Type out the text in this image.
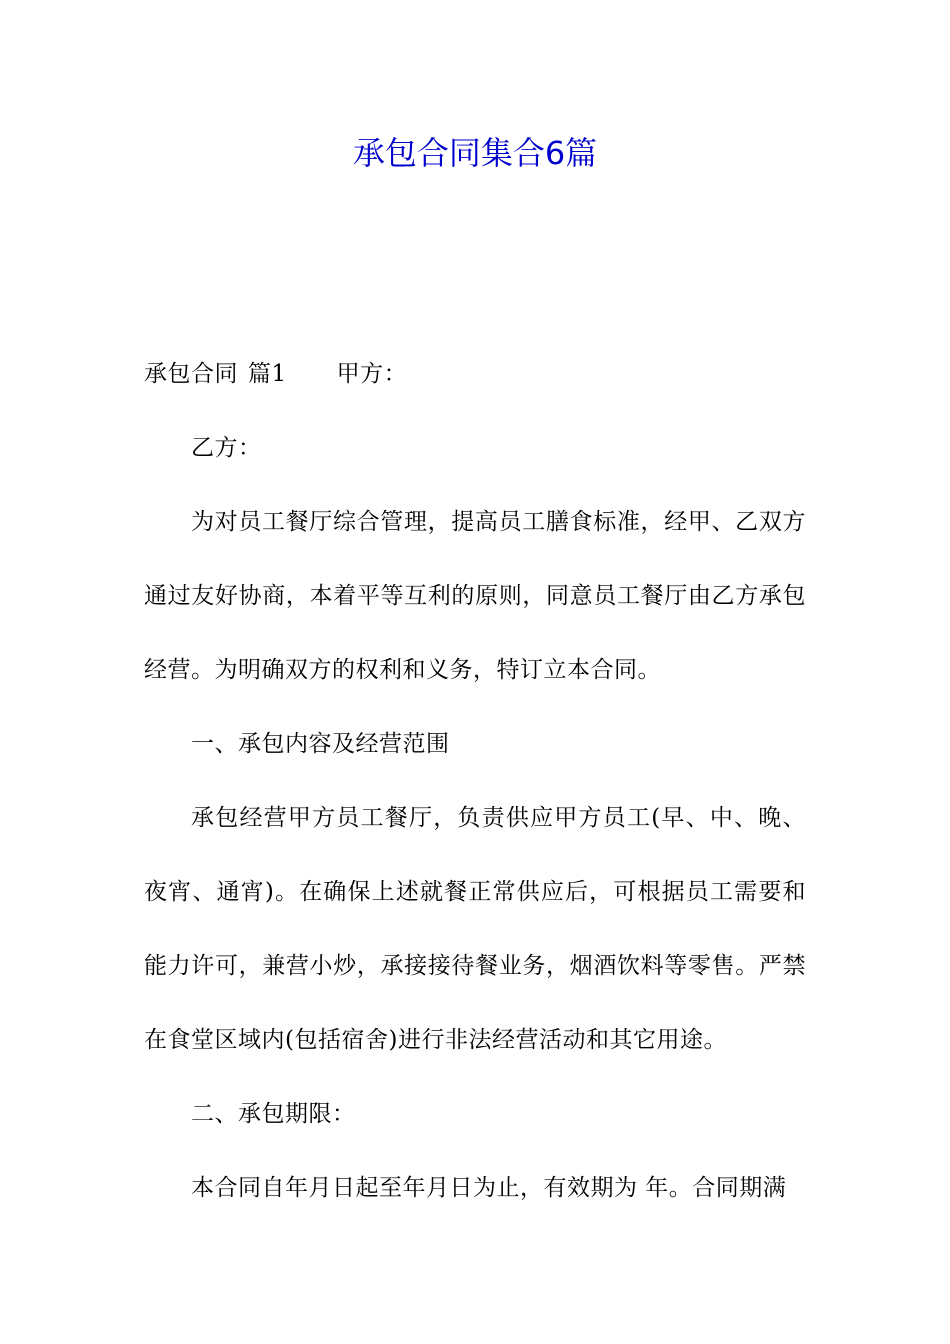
承包合同集合6篇

承包合同 篇1 甲方：

乙方：

为对员工餐厅综合管理，提高员工膳食标准，经甲、乙双方通过友好协商，本着平等互利的原则，同意员工餐厅由乙方承包经营。为明确双方的权利和义务，特订立本合同。

一、承包内容及经营范围

承包经营甲方员工餐厅，负责供应甲方员工(早、中、晚、夜宵、通宵)。在确保上述就餐正常供应后，可根据员工需要和能力许可，兼营小炒，承接接待餐业务，烟酒饮料等零售。严禁在食堂区域内(包括宿舍)进行非法经营活动和其它用途。

二、承包期限：

本合同自年月日起至年月日为止，有效期为 年。合同期满
